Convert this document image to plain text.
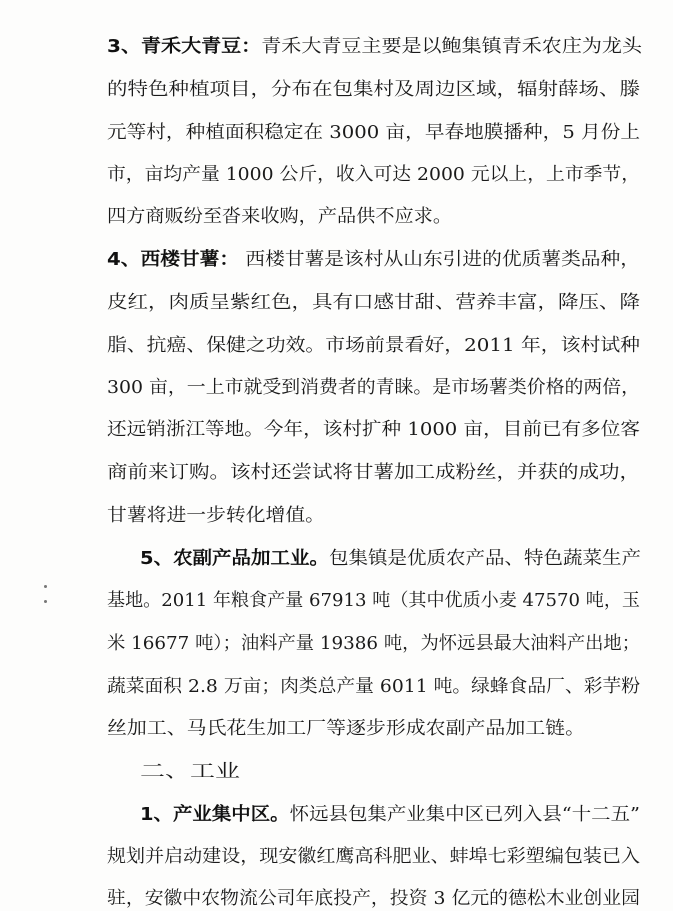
3、青禾大青豆：青禾大青豆主要是以鲍集镇青禾农庄为龙头
的特色种植项目，分布在包集村及周边区域，辐射薛场、滕
元等村，种植面积稳定在 3000 亩，早春地膜播种，5 月份上
市，亩均产量 1000 公斤，收入可达 2000 元以上，上市季节，
四方商贩纷至沓来收购，产品供不应求。
4、西楼甘薯： 西楼甘薯是该村从山东引进的优质薯类品种，
皮红，肉质呈紫红色，具有口感甘甜、营养丰富，降压、降
脂、抗癌、保健之功效。市场前景看好，2011 年，该村试种
300 亩，一上市就受到消费者的青睐。是市场薯类价格的两倍，
还远销浙江等地。今年，该村扩种 1000 亩，目前已有多位客
商前来订购。该村还尝试将甘薯加工成粉丝，并获的成功，
甘薯将进一步转化增值。
5、农副产品加工业。包集镇是优质农产品、特色蔬菜生产
基地。2011 年粮食产量 67913 吨（其中优质小麦 47570 吨，玉
米 16677 吨）；油料产量 19386 吨，为怀远县最大油料产出地；
蔬菜面积 2.8 万亩；肉类总产量 6011 吨。绿蜂食品厂、彩芋粉
丝加工、马氏花生加工厂等逐步形成农副产品加工链。
二、工业
1、产业集中区。怀远县包集产业集中区已列入县“十二五”
规划并启动建设，现安徽红鹰高科肥业、蚌埠七彩塑编包装已入
驻，安徽中农物流公司年底投产，投资 3 亿元的德松木业创业园
